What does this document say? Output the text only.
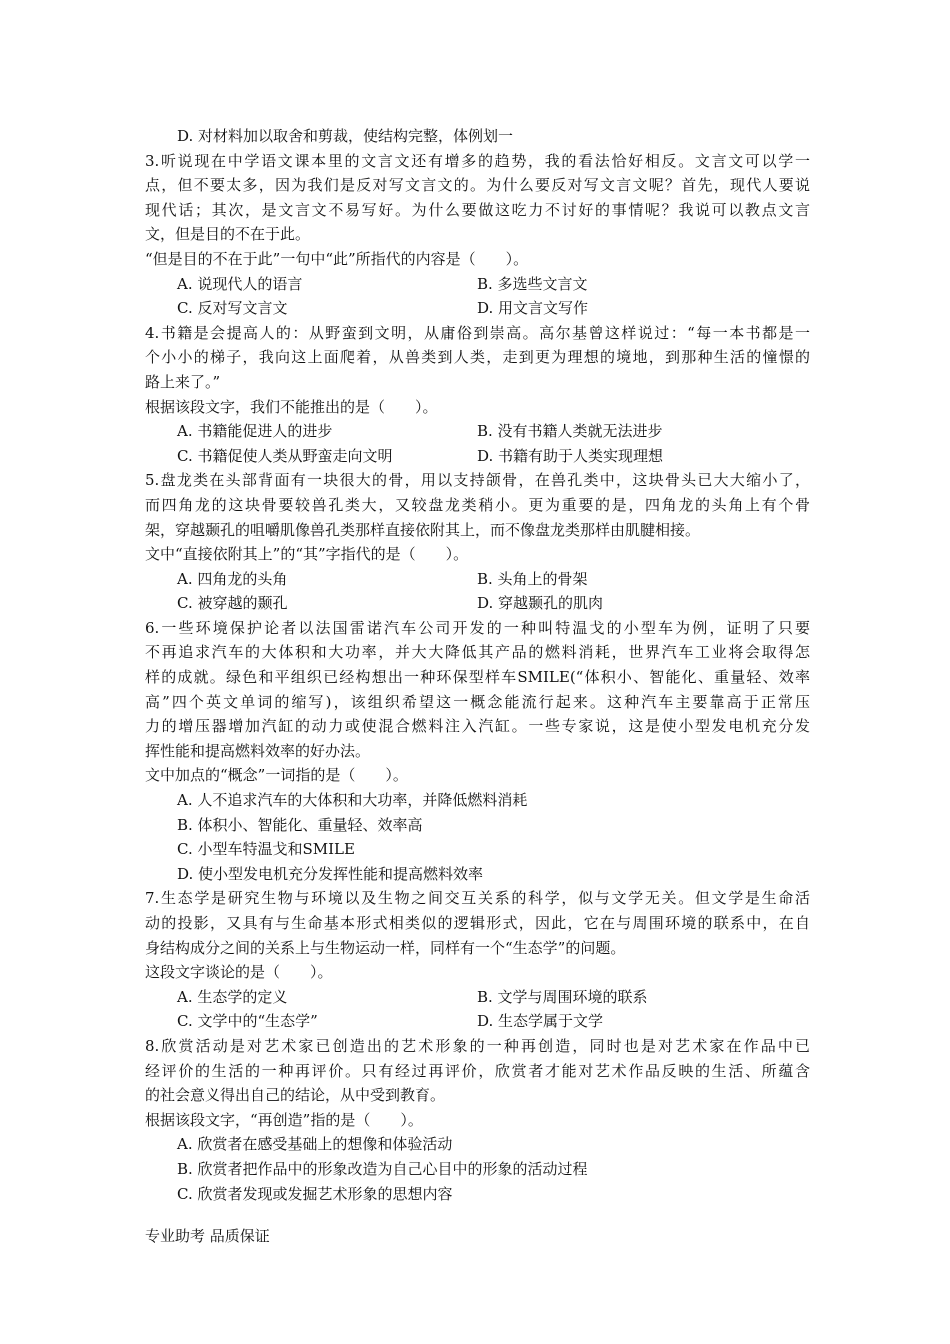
D. 对材料加以取舍和剪裁，使结构完整，体例划一
3.听说现在中学语文课本里的文言文还有增多的趋势，我的看法恰好相反。文言文可以学一
点，但不要太多，因为我们是反对写文言文的。为什么要反对写文言文呢？首先，现代人要说
现代话；其次，是文言文不易写好。为什么要做这吃力不讨好的事情呢？我说可以教点文言
文，但是目的不在于此。
“但是目的不在于此”一句中“此”所指代的内容是（　　）。
A. 说现代人的语言	B. 多选些文言文
C. 反对写文言文	D. 用文言文写作
4.书籍是会提高人的：从野蛮到文明，从庸俗到崇高。高尔基曾这样说过：“每一本书都是一
个小小的梯子，我向这上面爬着，从兽类到人类，走到更为理想的境地，到那种生活的憧憬的
路上来了。”
根据该段文字，我们不能推出的是（　　）。
A. 书籍能促进人的进步	B. 没有书籍人类就无法进步
C. 书籍促使人类从野蛮走向文明	D. 书籍有助于人类实现理想
5.盘龙类在头部背面有一块很大的骨，用以支持颌骨，在兽孔类中，这块骨头已大大缩小了，
而四角龙的这块骨要较兽孔类大，又较盘龙类稍小。更为重要的是，四角龙的头角上有个骨
架，穿越颞孔的咀嚼肌像兽孔类那样直接依附其上，而不像盘龙类那样由肌腱相接。
文中“直接依附其上”的“其”字指代的是（　　）。
A. 四角龙的头角	B. 头角上的骨架
C. 被穿越的颞孔	D. 穿越颞孔的肌肉
6.一些环境保护论者以法国雷诺汽车公司开发的一种叫特温戈的小型车为例，证明了只要
不再追求汽车的大体积和大功率，并大大降低其产品的燃料消耗，世界汽车工业将会取得怎
样的成就。绿色和平组织已经构想出一种环保型样车SMILE(“体积小、智能化、重量轻、效率
高”四个英文单词的缩写)，该组织希望这一概念能流行起来。这种汽车主要靠高于正常压
力的增压器增加汽缸的动力或使混合燃料注入汽缸。一些专家说，这是使小型发电机充分发
挥性能和提高燃料效率的好办法。
文中加点的“概念”一词指的是（　　）。
A. 人不追求汽车的大体积和大功率，并降低燃料消耗
B. 体积小、智能化、重量轻、效率高
C. 小型车特温戈和SMILE
D. 使小型发电机充分发挥性能和提高燃料效率
7.生态学是研究生物与环境以及生物之间交互关系的科学，似与文学无关。但文学是生命活
动的投影，又具有与生命基本形式相类似的逻辑形式，因此，它在与周围环境的联系中，在自
身结构成分之间的关系上与生物运动一样，同样有一个“生态学”的问题。
这段文字谈论的是（　　）。
A. 生态学的定义	B. 文学与周围环境的联系
C. 文学中的“生态学”	D. 生态学属于文学
8.欣赏活动是对艺术家已创造出的艺术形象的一种再创造，同时也是对艺术家在作品中已
经评价的生活的一种再评价。只有经过再评价，欣赏者才能对艺术作品反映的生活、所蕴含
的社会意义得出自己的结论，从中受到教育。
根据该段文字，“再创造”指的是（　　）。
A. 欣赏者在感受基础上的想像和体验活动
B. 欣赏者把作品中的形象改造为自己心目中的形象的活动过程
C. 欣赏者发现或发掘艺术形象的思想内容
专业助考 品质保证
